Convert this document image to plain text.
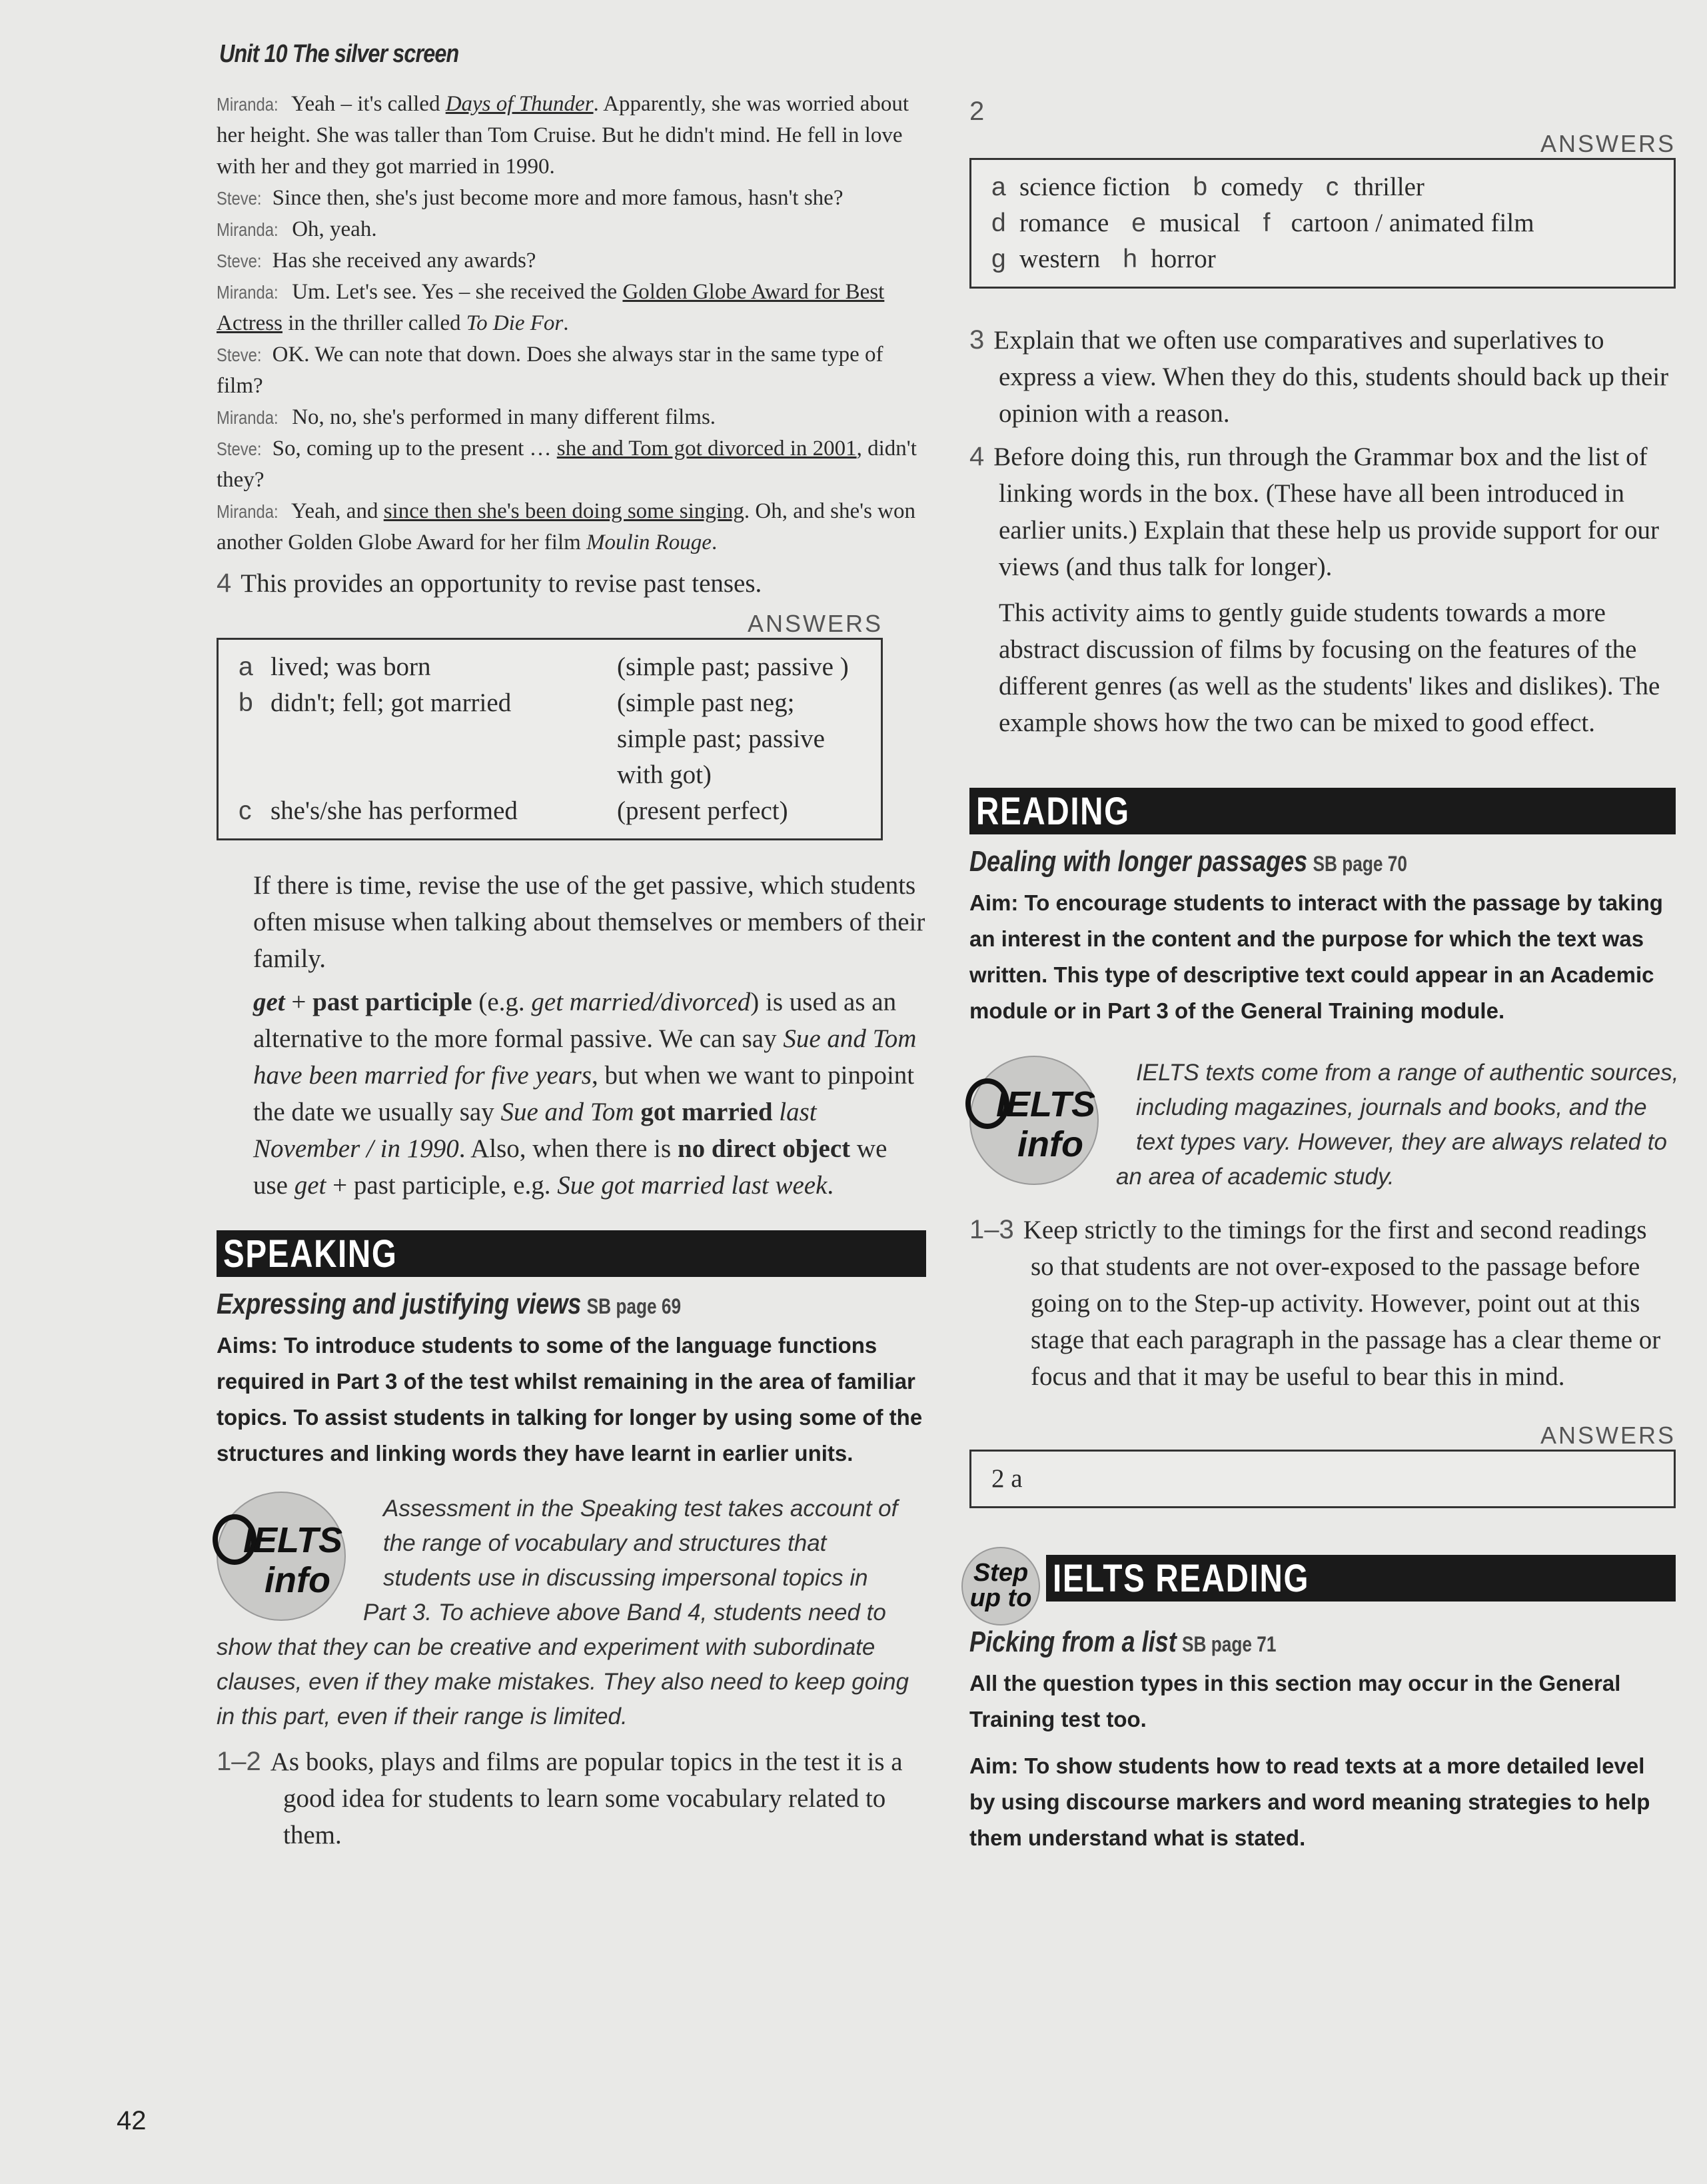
Unit 10 The silver screen

Miranda: Yeah – it's called Days of Thunder. Apparently, she was worried about her height. She was taller than Tom Cruise. But he didn't mind. He fell in love with her and they got married in 1990.

Steve: Since then, she's just become more and more famous, hasn't she?

Miranda: Oh, yeah.

Steve: Has she received any awards?

Miranda: Um. Let's see. Yes – she received the Golden Globe Award for Best Actress in the thriller called To Die For.

Steve: OK. We can note that down. Does she always star in the same type of film?

Miranda: No, no, she's performed in many different films.

Steve: So, coming up to the present … she and Tom got divorced in 2001, didn't they?

Miranda: Yeah, and since then she's been doing some singing. Oh, and she's won another Golden Globe Award for her film Moulin Rouge.

4 This provides an opportunity to revise past tenses.

ANSWERS

a lived; was born	(simple past; passive )
b didn't; fell; got married	(simple past neg; simple past; passive with got)
c she's/she has performed	(present perfect)

If there is time, revise the use of the get passive, which students often misuse when talking about themselves or members of their family.

get + past participle (e.g. get married/divorced) is used as an alternative to the more formal passive. We can say Sue and Tom have been married for five years, but when we want to pinpoint the date we usually say Sue and Tom got married last November / in 1990. Also, when there is no direct object we use get + past participle, e.g. Sue got married last week.

SPEAKING
Expressing and justifying views SB page 69

Aims: To introduce students to some of the language functions required in Part 3 of the test whilst remaining in the area of familiar topics. To assist students in talking for longer by using some of the structures and linking words they have learnt in earlier units.

IELTS
info

Assessment in the Speaking test takes account of
the range of vocabulary and structures that
students use in discussing impersonal topics in
Part 3. To achieve above Band 4, students need to
show that they can be creative and experiment with subordinate
clauses, even if they make mistakes. They also need to keep going
in this part, even if their range is limited.

1–2 As books, plays and films are popular topics in the test it is a good idea for students to learn some vocabulary related to them.

2

ANSWERS

a science fiction b comedy c thriller
d romance e musical f cartoon / animated film
g western h horror

3 Explain that we often use comparatives and superlatives to express a view. When they do this, students should back up their opinion with a reason.

4 Before doing this, run through the Grammar box and the list of linking words in the box. (These have all been introduced in earlier units.) Explain that these help us provide support for our views (and thus talk for longer).

This activity aims to gently guide students towards a more abstract discussion of films by focusing on the features of the different genres (as well as the students' likes and dislikes). The example shows how the two can be mixed to good effect.

READING
Dealing with longer passages SB page 70

Aim: To encourage students to interact with the passage by taking an interest in the content and the purpose for which the text was written. This type of descriptive text could appear in an Academic module or in Part 3 of the General Training module.

IELTS
info

IELTS texts come from a range of authentic sources,
including magazines, journals and books, and the
text types vary. However, they are always related to
an area of academic study.

1–3 Keep strictly to the timings for the first and second readings so that students are not over-exposed to the passage before going on to the Step-up activity. However, point out at this stage that each paragraph in the passage has a clear theme or focus and that it may be useful to bear this in mind.

ANSWERS

2 a
IELTS READING
Step
up to
Picking from a list SB page 71

All the question types in this section may occur in the General Training test too.

Aim: To show students how to read texts at a more detailed level by using discourse markers and word meaning strategies to help them understand what is stated.

42
